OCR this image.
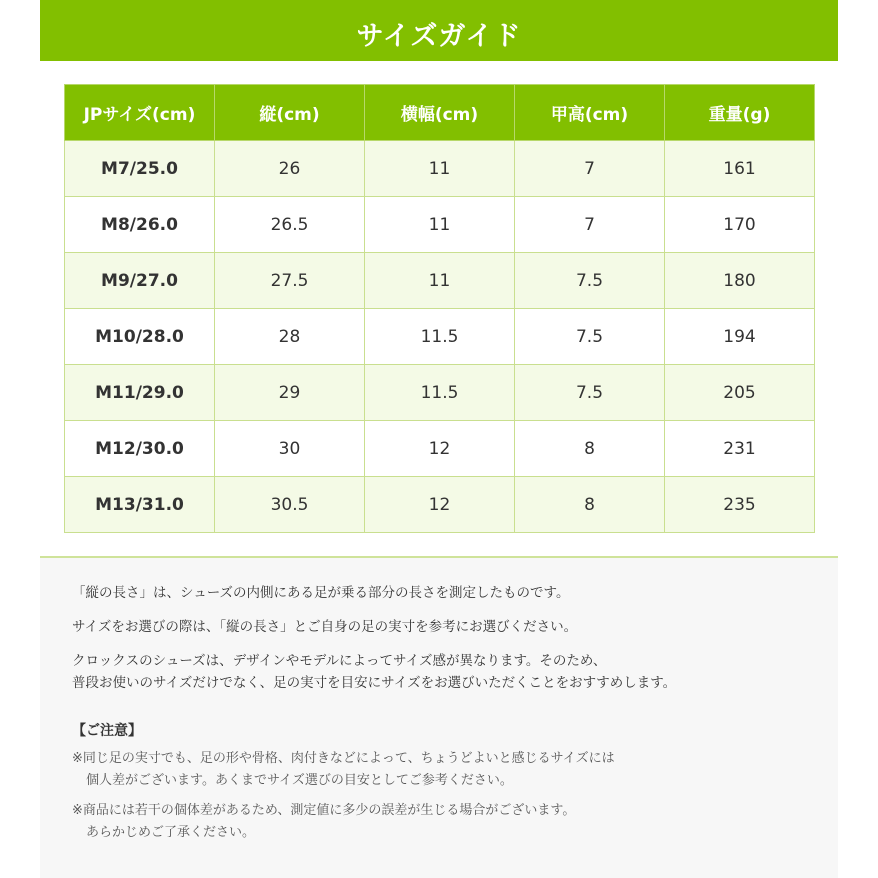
サイズガイド
JPサイズ(cm)	縦(cm)	横幅(cm)	甲高(cm)	重量(g)
M7/25.0	26	11	7	161
M8/26.0	26.5	11	7	170
M9/27.0	27.5	11	7.5	180
M10/28.0	28	11.5	7.5	194
M11/29.0	29	11.5	7.5	205
M12/30.0	30	12	8	231
M13/31.0	30.5	12	8	235

「縦の長さ」は、シューズの内側にある足が乗る部分の長さを測定したものです。

サイズをお選びの際は、「縦の長さ」とご自身の足の実寸を参考にお選びください。

クロックスのシューズは、デザインやモデルによってサイズ感が異なります。そのため、

普段お使いのサイズだけでなく、足の実寸を目安にサイズをお選びいただくことをおすすめします。

【ご注意】

※同じ足の実寸でも、足の形や骨格、肉付きなどによって、ちょうどよいと感じるサイズには
個人差がございます。あくまでサイズ選びの目安としてご参考ください。

※商品には若干の個体差があるため、測定値に多少の誤差が生じる場合がございます。
あらかじめご了承ください。
